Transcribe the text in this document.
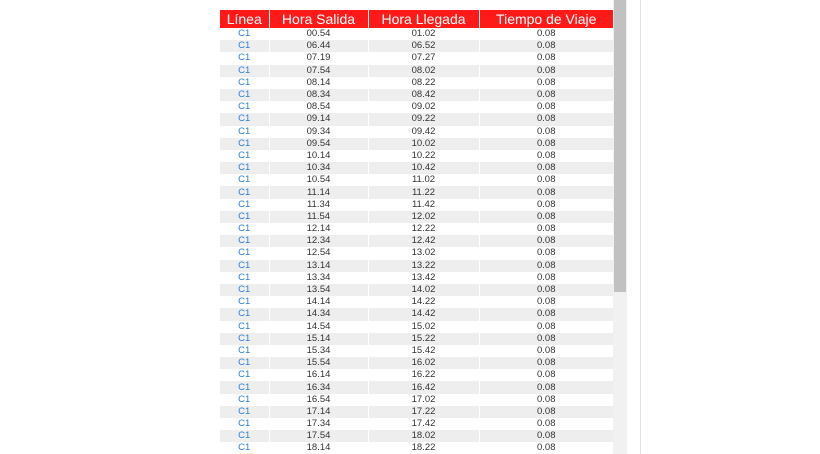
Línea	Hora Salida	Hora Llegada	Tiempo de Viaje
C1	00.54	01.02	0.08
C1	06.44	06.52	0.08
C1	07.19	07.27	0.08
C1	07.54	08.02	0.08
C1	08.14	08.22	0.08
C1	08.34	08.42	0.08
C1	08.54	09.02	0.08
C1	09.14	09.22	0.08
C1	09.34	09.42	0.08
C1	09.54	10.02	0.08
C1	10.14	10.22	0.08
C1	10.34	10.42	0.08
C1	10.54	11.02	0.08
C1	11.14	11.22	0.08
C1	11.34	11.42	0.08
C1	11.54	12.02	0.08
C1	12.14	12.22	0.08
C1	12.34	12.42	0.08
C1	12.54	13.02	0.08
C1	13.14	13.22	0.08
C1	13.34	13.42	0.08
C1	13.54	14.02	0.08
C1	14.14	14.22	0.08
C1	14.34	14.42	0.08
C1	14.54	15.02	0.08
C1	15.14	15.22	0.08
C1	15.34	15.42	0.08
C1	15.54	16.02	0.08
C1	16.14	16.22	0.08
C1	16.34	16.42	0.08
C1	16.54	17.02	0.08
C1	17.14	17.22	0.08
C1	17.34	17.42	0.08
C1	17.54	18.02	0.08
C1	18.14	18.22	0.08
